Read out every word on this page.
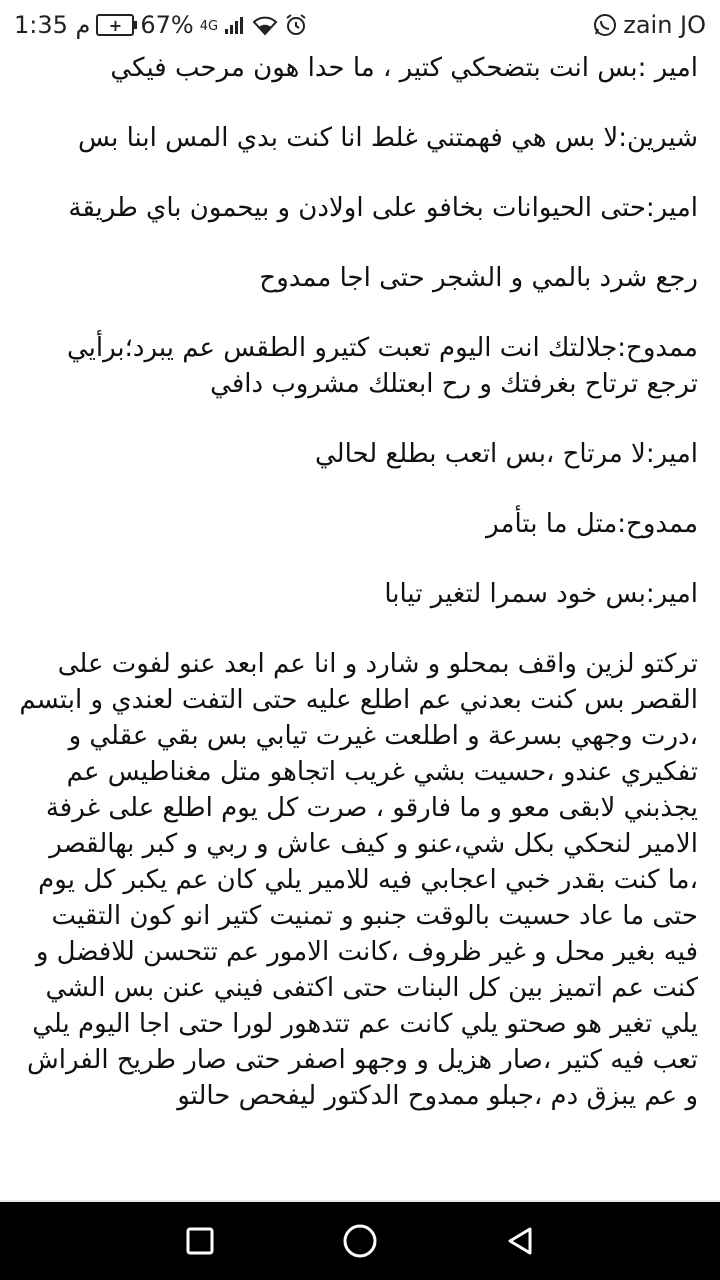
1:35 م	+ 67% 4G	zain JO

امير :بس انت بتضحكي كتير ، ما حدا هون مرحب فيكي

شيرين:لا بس هي فهمتني غلط انا كنت بدي المس ابنا بس

امير:حتى الحيوانات بخافو على اولادن و بيحمون باي طريقة

رجع شرد بالمي و الشجر حتى اجا ممدوح

ممدوح:جلالتك انت اليوم تعبت كتيرو الطقس عم يبرد؛برأيي ترجع ترتاح بغرفتك و رح ابعتلك مشروب دافي

امير:لا مرتاح ،بس اتعب بطلع لحالي

ممدوح:متل ما بتأمر

امير:بس خود سمرا لتغير تيابا

تركتو لزين واقف بمحلو و شارد و انا عم ابعد عنو لفوت على القصر بس كنت بعدني عم اطلع عليه حتى التفت لعندي و ابتسم ،درت وجهي بسرعة و اطلعت غيرت تيابي بس بقي عقلي و تفكيري عندو ،حسيت بشي غريب اتجاهو متل مغناطيس عم يجذبني لابقى معو و ما فارقو ، صرت كل يوم اطلع على غرفة الامير لنحكي بكل شي،عنو و كيف عاش و ربي و كبر بهالقصر ،ما كنت بقدر خبي اعجابي فيه للامير يلي كان عم يكبر كل يوم حتى ما عاد حسيت بالوقت جنبو و تمنيت كتير انو كون التقيت فيه بغير محل و غير ظروف ،كانت الامور عم تتحسن للافضل و كنت عم اتميز بين كل البنات حتى اكتفى فيني عنن بس الشي يلي تغير هو صحتو يلي كانت عم تتدهور لورا حتى اجا اليوم يلي تعب فيه كتير ،صار هزيل و وجهو اصفر حتى صار طريح الفراش و عم يبزق دم ،جبلو ممدوح الدكتور ليفحص حالتو
